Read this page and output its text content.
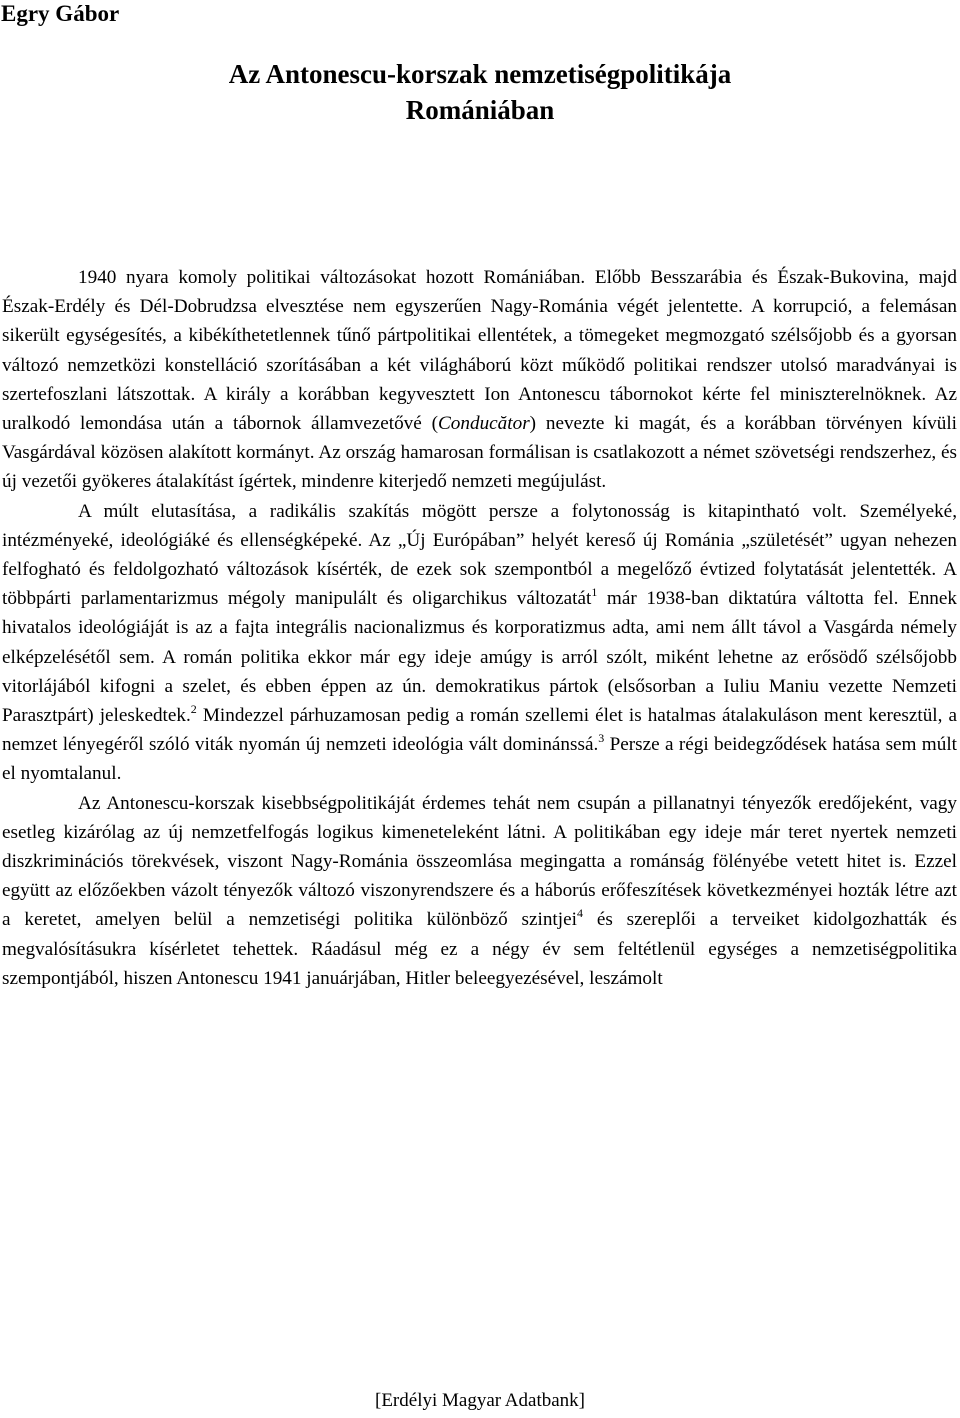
Egry Gábor
Az Antonescu-korszak nemzetiségpolitikája
Romániában

1940 nyara komoly politikai változásokat hozott Romániában. Előbb Besszarábia és Észak-Bukovina, majd Észak-Erdély és Dél-Dobrudzsa elvesztése nem egyszerűen Nagy-Románia végét jelentette. A korrupció, a felemásan sikerült egységesítés, a kibékíthetetlennek tűnő pártpolitikai ellentétek, a tömegeket megmozgató szélsőjobb és a gyorsan változó nemzetközi konstelláció szorításában a két világháború közt működő politikai rendszer utolsó maradványai is szertefoszlani látszottak. A király a korábban kegyvesztett Ion Antonescu tábornokot kérte fel miniszterelnöknek. Az uralkodó lemondása után a tábornok államvezetővé (Conducător) nevezte ki magát, és a korábban törvényen kívüli Vasgárdával közösen alakított kormányt. Az ország hamarosan formálisan is csatlakozott a német szövetségi rendszerhez, és új vezetői gyökeres átalakítást ígértek, mindenre kiterjedő nemzeti megújulást.

A múlt elutasítása, a radikális szakítás mögött persze a folytonosság is kitapintható volt. Személyeké, intézményeké, ideológiáké és ellenségképeké. Az „Új Európában” helyét kereső új Románia „születését” ugyan nehezen felfogható és feldolgozható változások kísérték, de ezek sok szempontból a megelőző évtized folytatását jelentették. A többpárti parlamentarizmus mégoly manipulált és oligarchikus változatát$^1$ már 1938-ban diktatúra váltotta fel. Ennek hivatalos ideológiáját is az a fajta integrális nacionalizmus és korporatizmus adta, ami nem állt távol a Vasgárda némely elképzelésétől sem. A román politika ekkor már egy ideje amúgy is arról szólt, miként lehetne az erősödő szélsőjobb vitorlájából kifogni a szelet, és ebben éppen az ún. demokratikus pártok (elsősorban a Iuliu Maniu vezette Nemzeti Parasztpárt) jeleskedtek.$^2$ Mindezzel párhuzamosan pedig a román szellemi élet is hatalmas átalakuláson ment keresztül, a nemzet lényegéről szóló viták nyomán új nemzeti ideológia vált dominánssá.$^3$ Persze a régi beidegződések hatása sem múlt el nyomtalanul.

Az Antonescu-korszak kisebbségpolitikáját érdemes tehát nem csupán a pillanatnyi tényezők eredőjeként, vagy esetleg kizárólag az új nemzetfelfogás logikus kimeneteleként látni. A politikában egy ideje már teret nyertek nemzeti diszkriminációs törekvések, viszont Nagy-Románia összeomlása megingatta a románság fölényébe vetett hitet is. Ezzel együtt az előzőekben vázolt tényezők változó viszonyrendszere és a háborús erőfeszítések következményei hozták létre azt a keretet, amelyen belül a nemzetiségi politika különböző szintjei$^4$ és szereplői a terveiket kidolgozhatták és megvalósításukra kísérletet tehettek. Ráadásul még ez a négy év sem feltétlenül egységes a nemzetiségpolitika szempontjából, hiszen Antonescu 1941 januárjában, Hitler beleegyezésével, leszámolt

[Erdélyi Magyar Adatbank]
